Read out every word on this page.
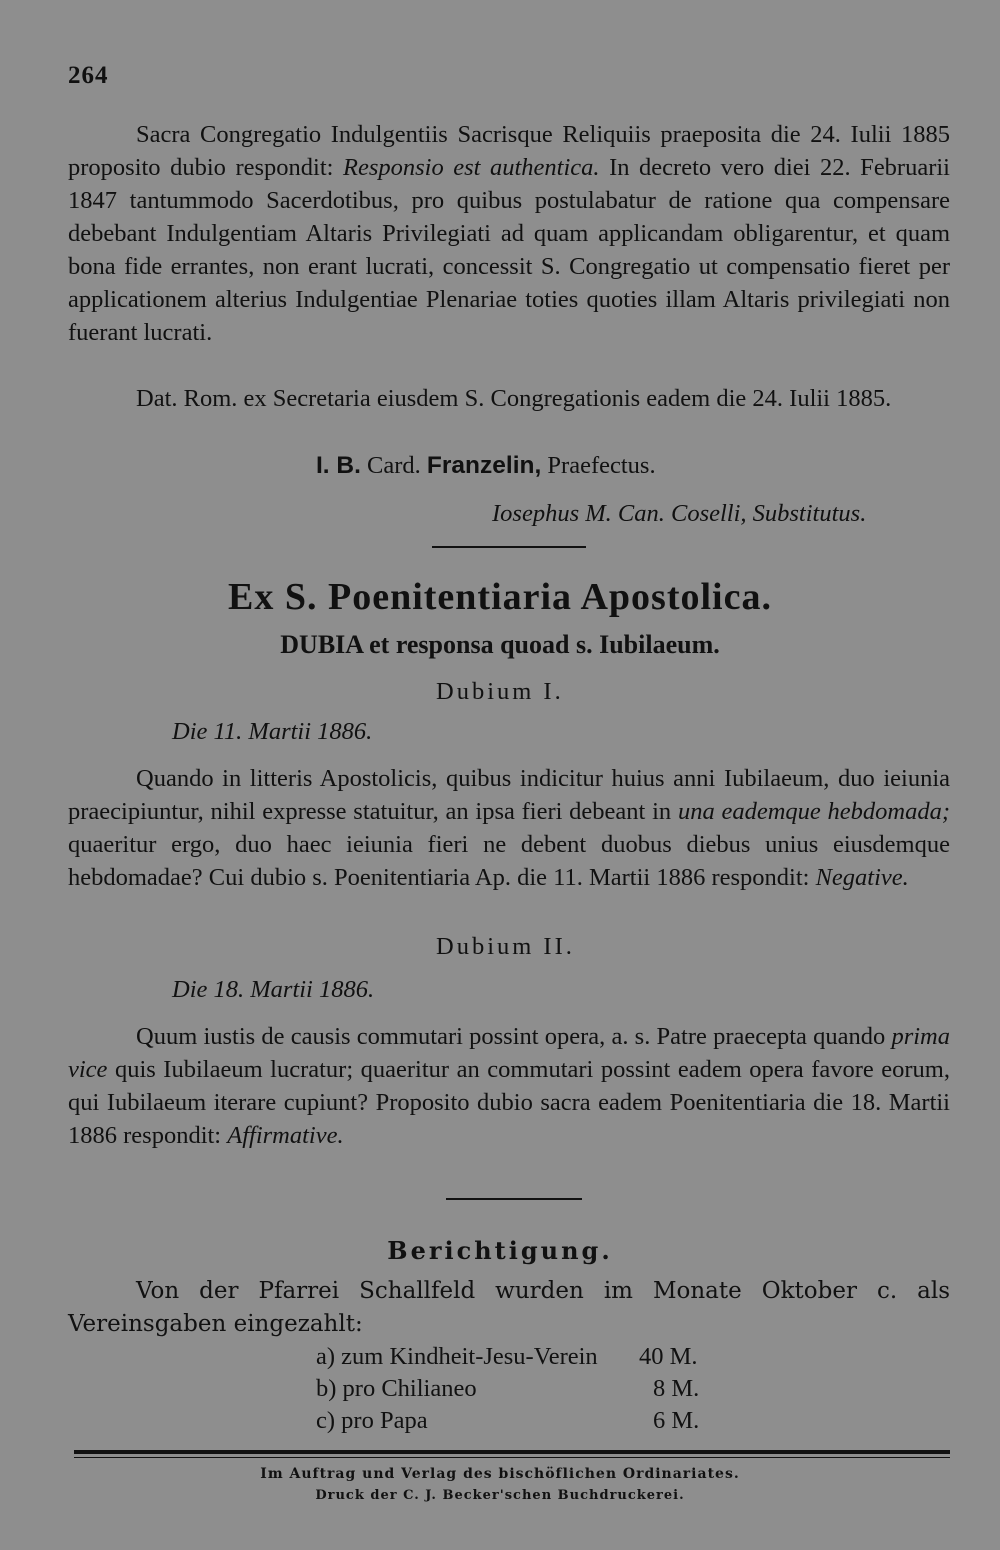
264
Sacra Congregatio Indulgentiis Sacrisque Reliquiis praeposita die 24. Iulii 1885 proposito dubio respondit: Responsio est authentica. In decreto vero diei 22. Februarii 1847 tantummodo Sacerdotibus, pro quibus postulabatur de ratione qua compensare debebant Indulgentiam Altaris Privilegiati ad quam applicandam obligarentur, et quam bona fide errantes, non erant lucrati, concessit S. Congregatio ut compensatio fieret per applicationem alterius Indulgentiae Plenariae toties quoties illam Altaris privilegiati non fuerant lucrati.
Dat. Rom. ex Secretaria eiusdem S. Congregationis eadem die 24. Iulii 1885.
I. B. Card. Franzelin, Praefectus.
Iosephus M. Can. Coselli, Substitutus.
Ex S. Poenitentiaria Apostolica.
DUBIA et responsa quoad s. Iubilaeum.
Dubium I.
Die 11. Martii 1886.
Quando in litteris Apostolicis, quibus indicitur huius anni Iubilaeum, duo ieiunia praecipiuntur, nihil expresse statuitur, an ipsa fieri debeant in una eademque hebdomada; quaeritur ergo, duo haec ieiunia fieri ne debent duobus diebus unius eiusdemque hebdomadae? Cui dubio s. Poenitentiaria Ap. die 11. Martii 1886 respondit: Negative.
Dubium II.
Die 18. Martii 1886.
Quum iustis de causis commutari possint opera, a. s. Patre praecepta quando prima vice quis Iubilaeum lucratur; quaeritur an commutari possint eadem opera favore eorum, qui Iubilaeum iterare cupiunt? Proposito dubio sacra eadem Poenitentiaria die 18. Martii 1886 respondit: Affirmative.
Berichtigung.
Von der Pfarrei Schallfeld wurden im Monate Oktober c. als Vereinsgaben eingezahlt:
a) zum Kindheit-Jesu-Verein 40 M.
b) pro Chilianeo	8 M.
c) pro Papa	6 M.
Im Auftrag und Verlag des bischöflichen Ordinariates.
Druck der C. J. Becker'schen Buchdruckerei.
